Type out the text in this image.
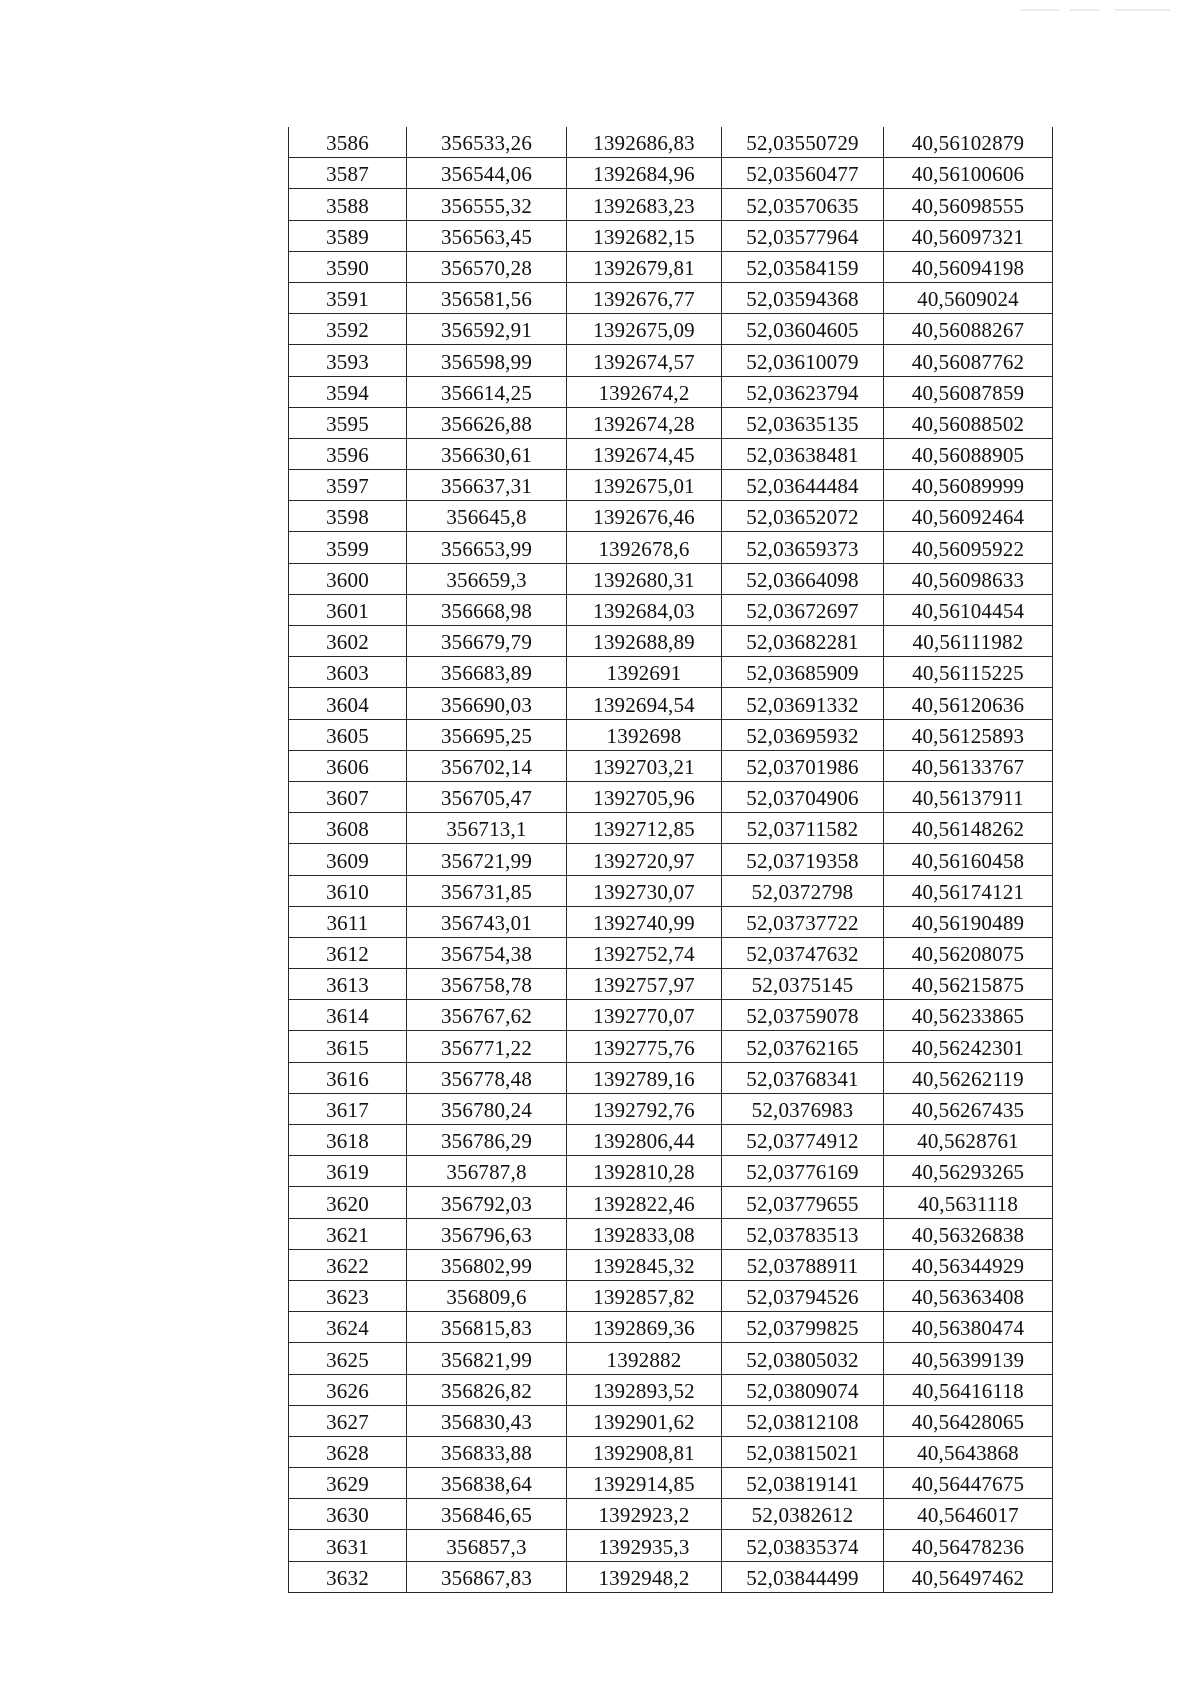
3586	356533,26	1392686,83	52,03550729	40,56102879
3587	356544,06	1392684,96	52,03560477	40,56100606
3588	356555,32	1392683,23	52,03570635	40,56098555
3589	356563,45	1392682,15	52,03577964	40,56097321
3590	356570,28	1392679,81	52,03584159	40,56094198
3591	356581,56	1392676,77	52,03594368	40,5609024
3592	356592,91	1392675,09	52,03604605	40,56088267
3593	356598,99	1392674,57	52,03610079	40,56087762
3594	356614,25	1392674,2	52,03623794	40,56087859
3595	356626,88	1392674,28	52,03635135	40,56088502
3596	356630,61	1392674,45	52,03638481	40,56088905
3597	356637,31	1392675,01	52,03644484	40,56089999
3598	356645,8	1392676,46	52,03652072	40,56092464
3599	356653,99	1392678,6	52,03659373	40,56095922
3600	356659,3	1392680,31	52,03664098	40,56098633
3601	356668,98	1392684,03	52,03672697	40,56104454
3602	356679,79	1392688,89	52,03682281	40,56111982
3603	356683,89	1392691	52,03685909	40,56115225
3604	356690,03	1392694,54	52,03691332	40,56120636
3605	356695,25	1392698	52,03695932	40,56125893
3606	356702,14	1392703,21	52,03701986	40,56133767
3607	356705,47	1392705,96	52,03704906	40,56137911
3608	356713,1	1392712,85	52,03711582	40,56148262
3609	356721,99	1392720,97	52,03719358	40,56160458
3610	356731,85	1392730,07	52,0372798	40,56174121
3611	356743,01	1392740,99	52,03737722	40,56190489
3612	356754,38	1392752,74	52,03747632	40,56208075
3613	356758,78	1392757,97	52,0375145	40,56215875
3614	356767,62	1392770,07	52,03759078	40,56233865
3615	356771,22	1392775,76	52,03762165	40,56242301
3616	356778,48	1392789,16	52,03768341	40,56262119
3617	356780,24	1392792,76	52,0376983	40,56267435
3618	356786,29	1392806,44	52,03774912	40,5628761
3619	356787,8	1392810,28	52,03776169	40,56293265
3620	356792,03	1392822,46	52,03779655	40,5631118
3621	356796,63	1392833,08	52,03783513	40,56326838
3622	356802,99	1392845,32	52,03788911	40,56344929
3623	356809,6	1392857,82	52,03794526	40,56363408
3624	356815,83	1392869,36	52,03799825	40,56380474
3625	356821,99	1392882	52,03805032	40,56399139
3626	356826,82	1392893,52	52,03809074	40,56416118
3627	356830,43	1392901,62	52,03812108	40,56428065
3628	356833,88	1392908,81	52,03815021	40,5643868
3629	356838,64	1392914,85	52,03819141	40,56447675
3630	356846,65	1392923,2	52,0382612	40,5646017
3631	356857,3	1392935,3	52,03835374	40,56478236
3632	356867,83	1392948,2	52,03844499	40,56497462
